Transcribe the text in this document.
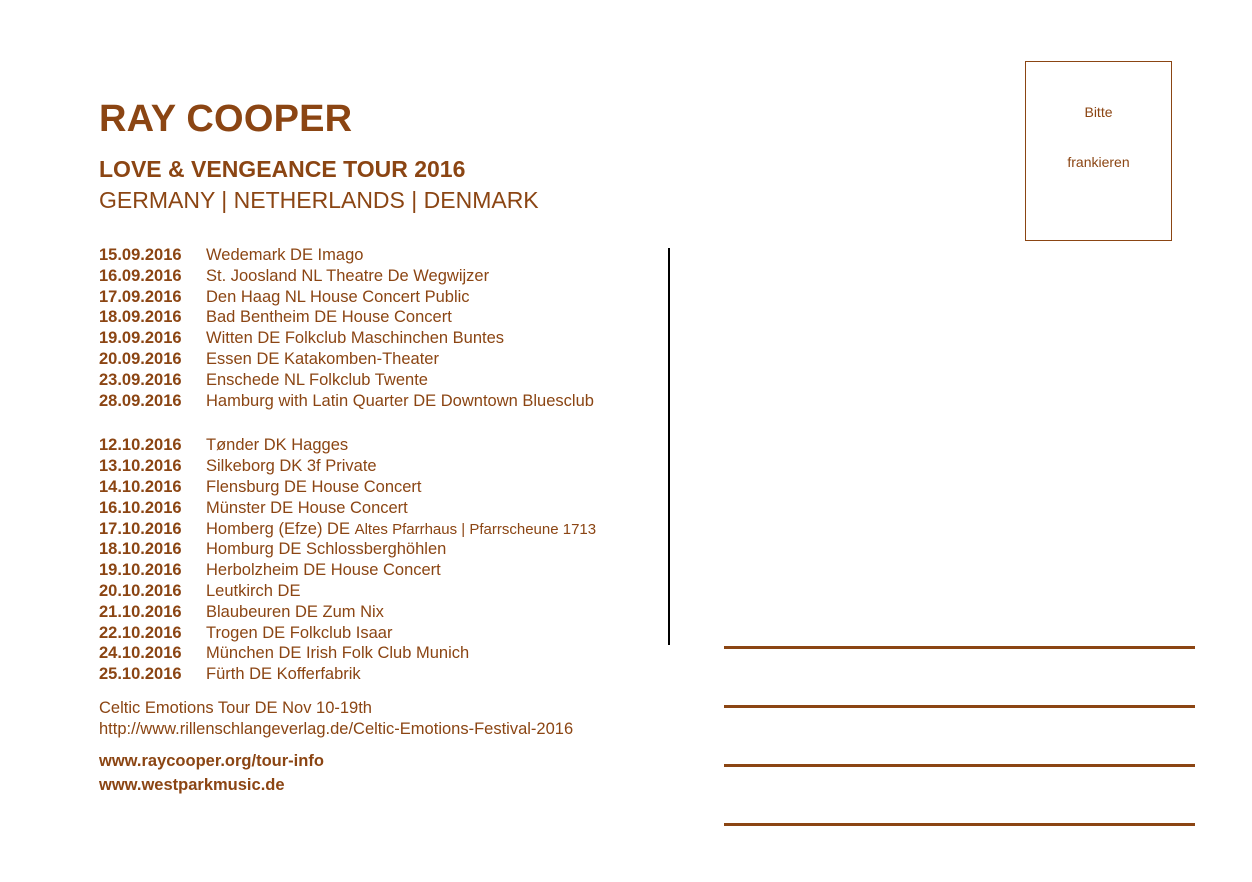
RAY COOPER
LOVE & VENGEANCE TOUR 2016
GERMANY | NETHERLANDS | DENMARK
15.09.2016 Wedemark DE Imago
16.09.2016 St. Joosland NL Theatre De Wegwijzer
17.09.2016 Den Haag NL House Concert Public
18.09.2016 Bad Bentheim DE House Concert
19.09.2016 Witten DE Folkclub Maschinchen Buntes
20.09.2016 Essen DE Katakomben-Theater
23.09.2016 Enschede NL Folkclub Twente
28.09.2016 Hamburg with Latin Quarter DE Downtown Bluesclub
12.10.2016 Tønder DK Hagges
13.10.2016 Silkeborg DK 3f Private
14.10.2016 Flensburg DE House Concert
16.10.2016 Münster DE House Concert
17.10.2016 Homberg (Efze) DE Altes Pfarrhaus | Pfarrscheune 1713
18.10.2016 Homburg DE Schlossberghöhlen
19.10.2016 Herbolzheim DE House Concert
20.10.2016 Leutkirch DE
21.10.2016 Blaubeuren DE Zum Nix
22.10.2016 Trogen DE Folkclub Isaar
24.10.2016 München DE Irish Folk Club Munich
25.10.2016 Fürth DE Kofferfabrik
Celtic Emotions Tour DE Nov 10-19th
http://www.rillenschlangeverlag.de/Celtic-Emotions-Festival-2016
www.raycooper.org/tour-info
www.westparkmusic.de
Bitte
frankieren
